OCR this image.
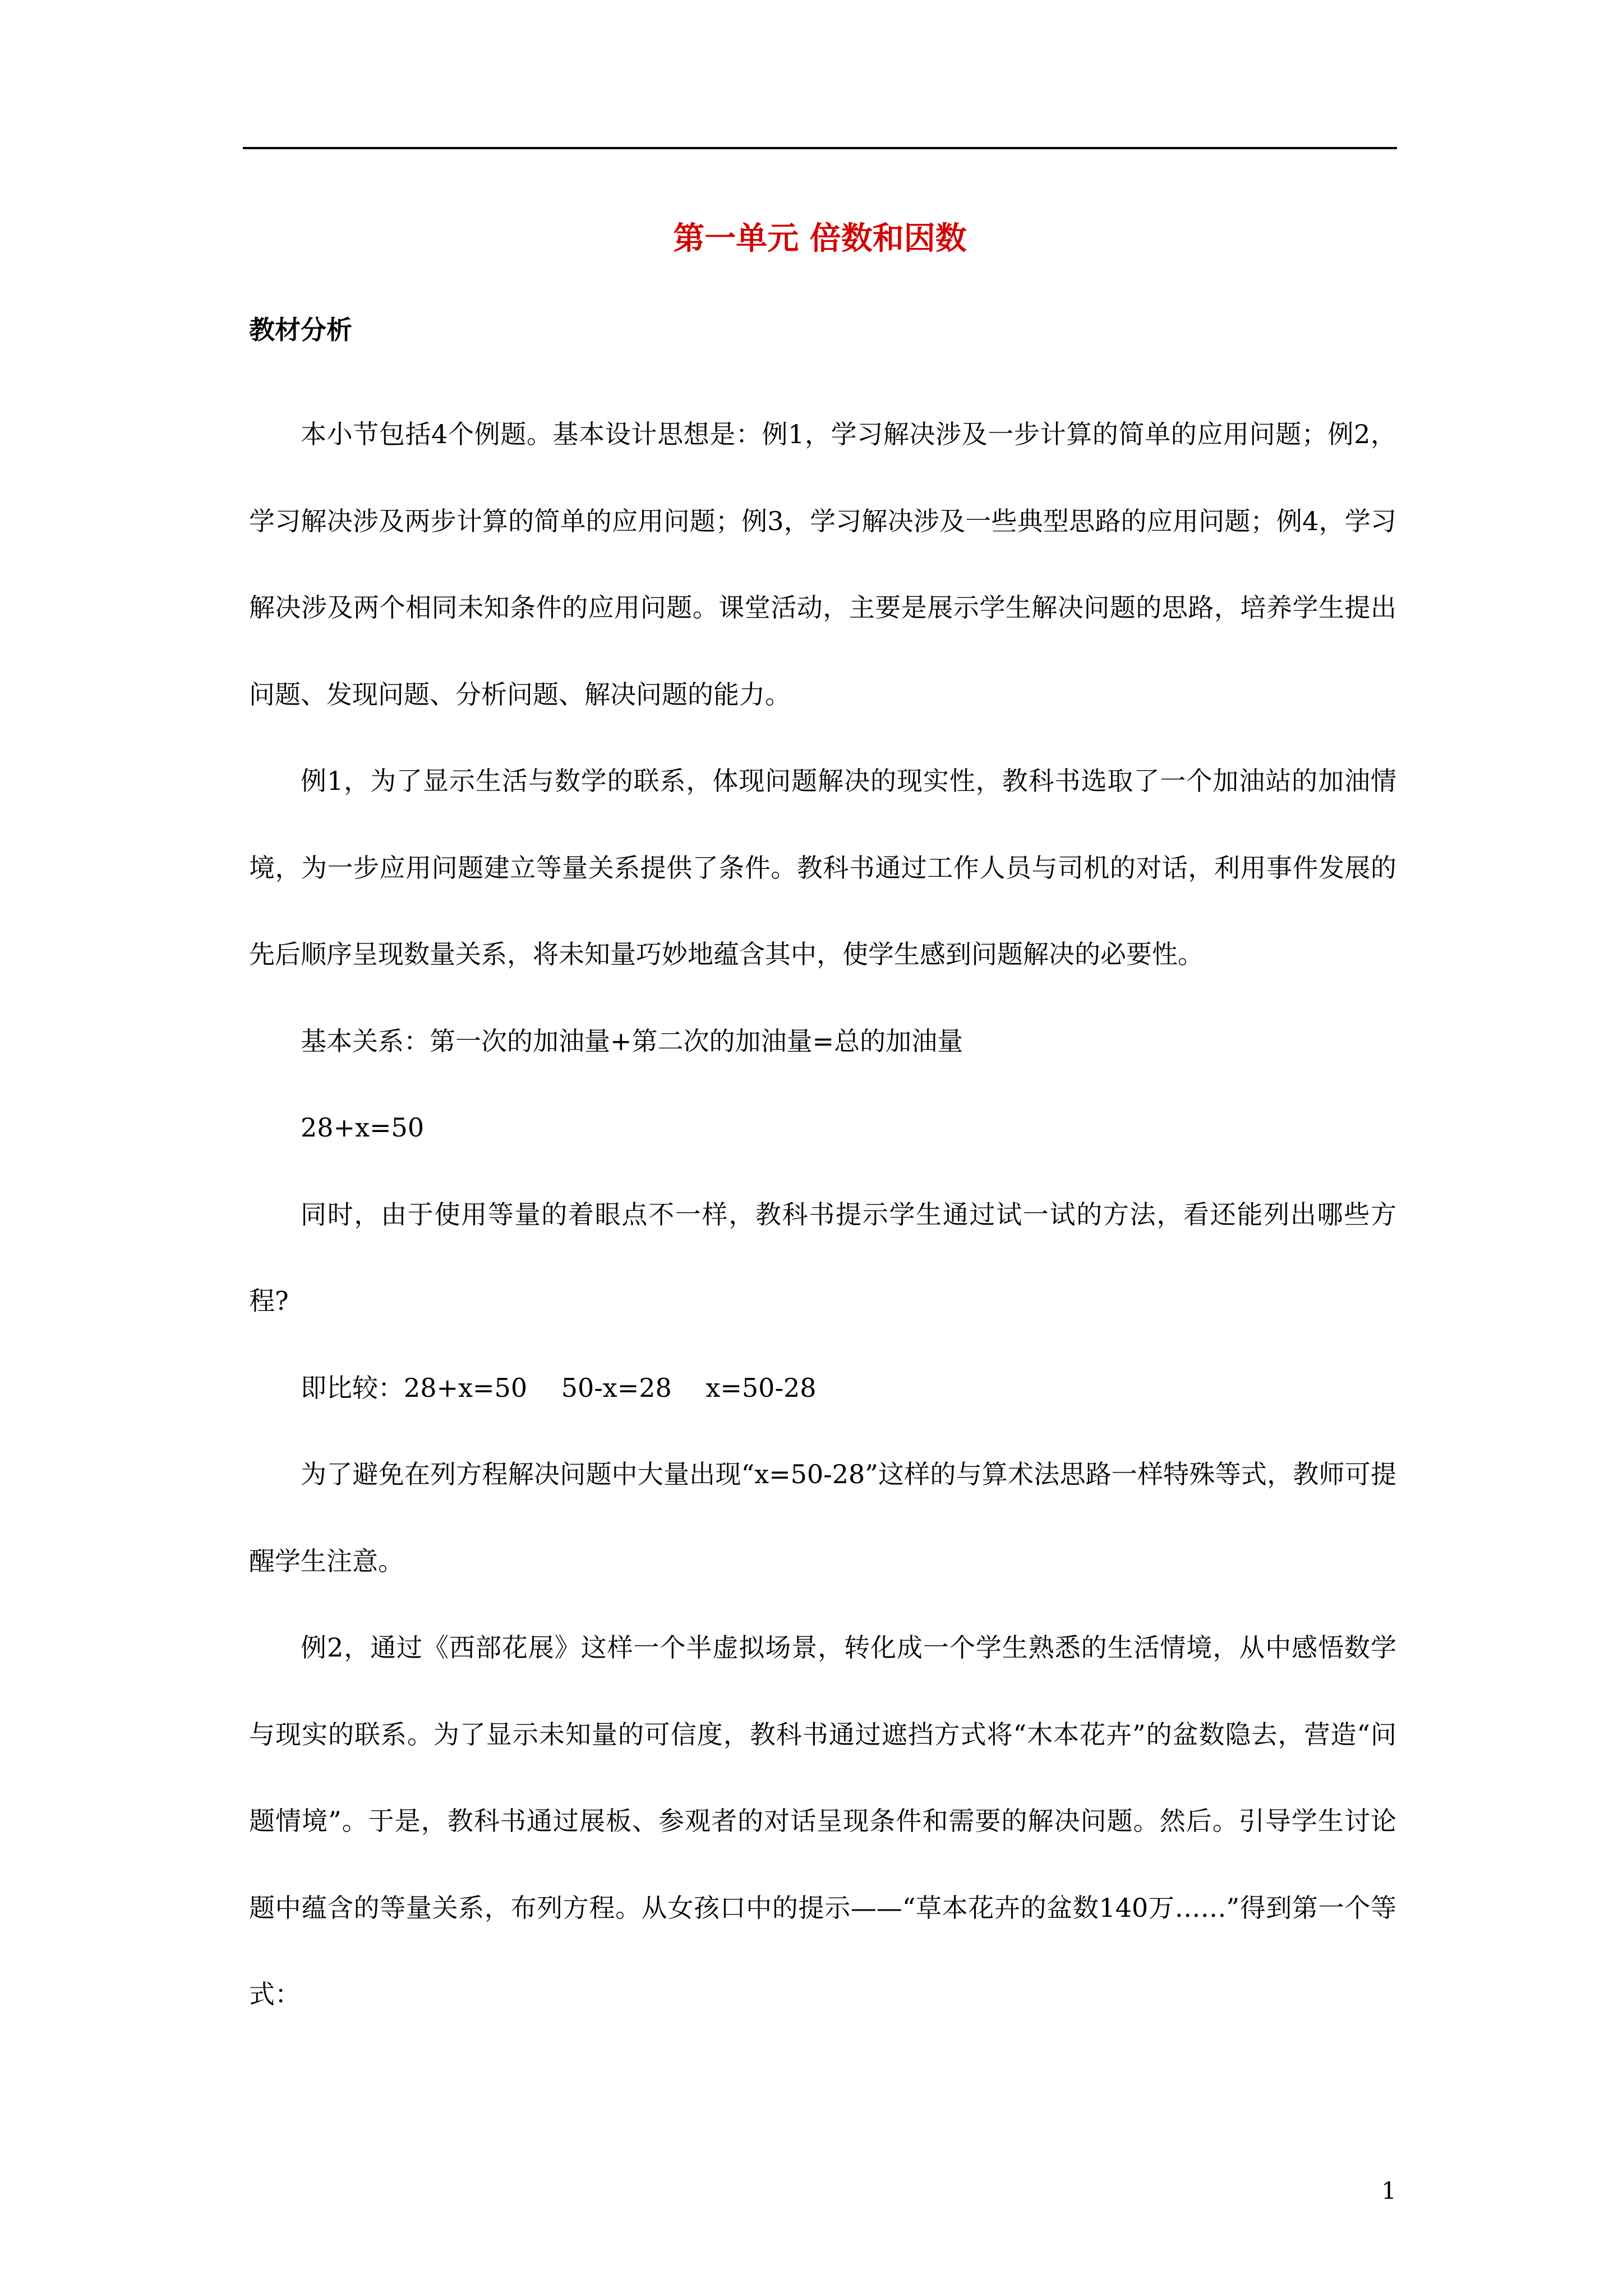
第一单元 倍数和因数
教材分析

本小节包括4个例题。基本设计思想是：例1，学习解决涉及一步计算的简单的应用问题；例2，学习解决涉及两步计算的简单的应用问题；例3，学习解决涉及一些典型思路的应用问题；例4，学习解决涉及两个相同未知条件的应用问题。课堂活动，主要是展示学生解决问题的思路，培养学生提出问题、发现问题、分析问题、解决问题的能力。

例1，为了显示生活与数学的联系，体现问题解决的现实性，教科书选取了一个加油站的加油情境，为一步应用问题建立等量关系提供了条件。教科书通过工作人员与司机的对话，利用事件发展的先后顺序呈现数量关系，将未知量巧妙地蕴含其中，使学生感到问题解决的必要性。

基本关系：第一次的加油量+第二次的加油量=总的加油量

28+x=50

同时，由于使用等量的着眼点不一样，教科书提示学生通过试一试的方法，看还能列出哪些方程?

即比较：28+x=50　 50-x=28　 x=50-28

为了避免在列方程解决问题中大量出现“x=50-28”这样的与算术法思路一样特殊等式，教师可提醒学生注意。

例2，通过《西部花展》这样一个半虚拟场景，转化成一个学生熟悉的生活情境，从中感悟数学与现实的联系。为了显示未知量的可信度，教科书通过遮挡方式将“木本花卉”的盆数隐去，营造“问题情境”。于是，教科书通过展板、参观者的对话呈现条件和需要的解决问题。然后。引导学生讨论题中蕴含的等量关系，布列方程。从女孩口中的提示——“草本花卉的盆数140万……”得到第一个等式：

1
